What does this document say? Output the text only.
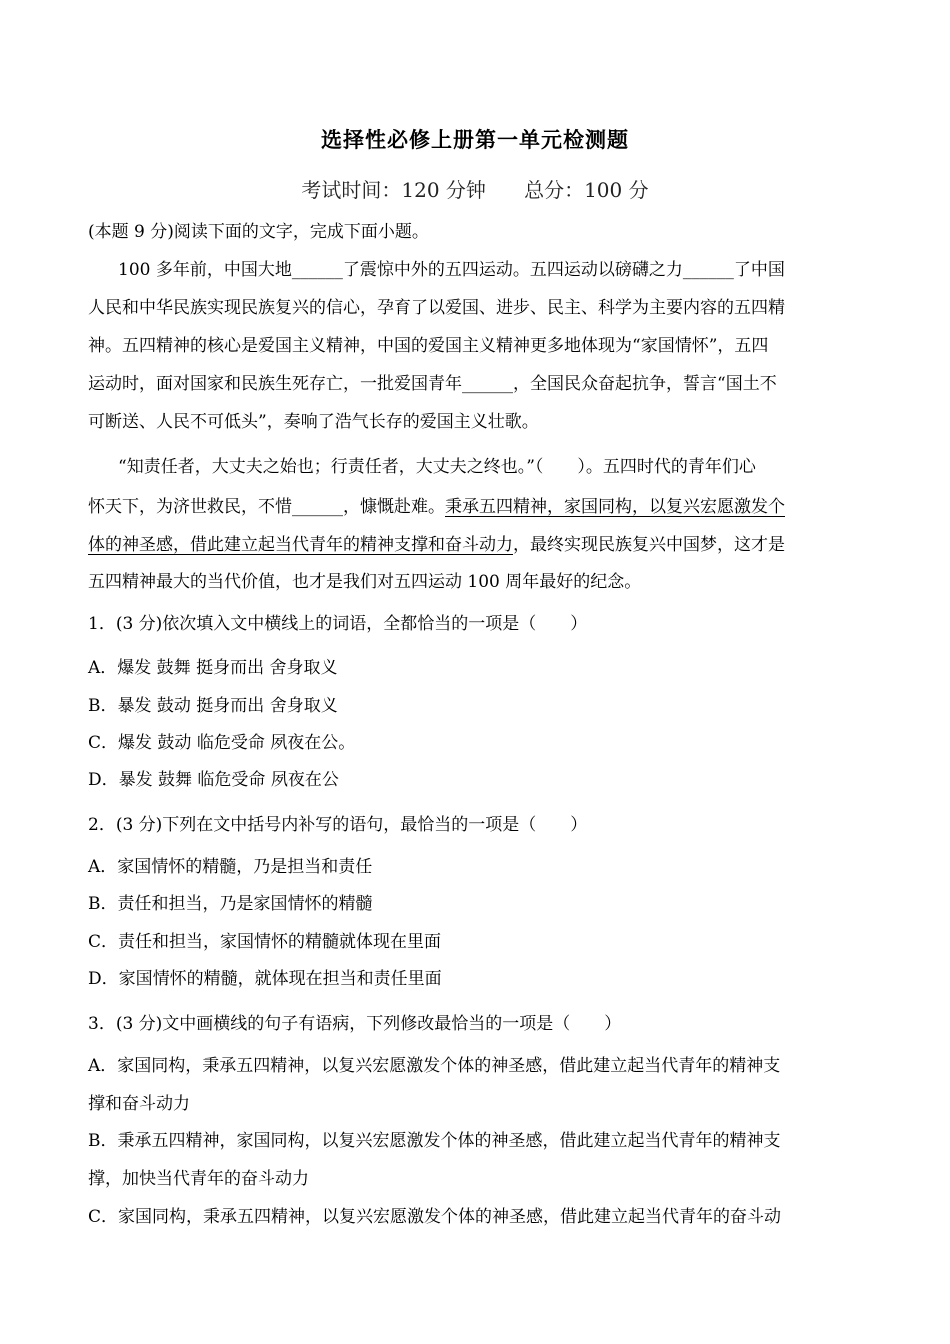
选择性必修上册第一单元检测题
考试时间：120 分钟 总分：100 分
(本题 9 分)阅读下面的文字，完成下面小题。
100 多年前，中国大地______了震惊中外的五四运动。五四运动以磅礴之力______了中国
人民和中华民族实现民族复兴的信心，孕育了以爱国、进步、民主、科学为主要内容的五四精
神。五四精神的核心是爱国主义精神，中国的爱国主义精神更多地体现为“家国情怀”，五四
运动时，面对国家和民族生死存亡，一批爱国青年______，全国民众奋起抗争，誓言“国土不
可断送、人民不可低头”，奏响了浩气长存的爱国主义壮歌。
“知责任者，大丈夫之始也；行责任者，大丈夫之终也。”（　　）。五四时代的青年们心
怀天下，为济世救民，不惜______，慷慨赴难。秉承五四精神，家国同构，以复兴宏愿激发个
体的神圣感，借此建立起当代青年的精神支撑和奋斗动力，最终实现民族复兴中国梦，这才是
五四精神最大的当代价值，也才是我们对五四运动 100 周年最好的纪念。
1．(3 分)依次填入文中横线上的词语，全都恰当的一项是（　　）
A．爆发 鼓舞 挺身而出 舍身取义
B．暴发 鼓动 挺身而出 舍身取义
C．爆发 鼓动 临危受命 夙夜在公。
D．暴发 鼓舞 临危受命 夙夜在公
2．(3 分)下列在文中括号内补写的语句，最恰当的一项是（　　）
A．家国情怀的精髓，乃是担当和责任
B．责任和担当，乃是家国情怀的精髓
C．责任和担当，家国情怀的精髓就体现在里面
D．家国情怀的精髓，就体现在担当和责任里面
3．(3 分)文中画横线的句子有语病，下列修改最恰当的一项是（　　）
A．家国同构，秉承五四精神，以复兴宏愿激发个体的神圣感，借此建立起当代青年的精神支
撑和奋斗动力
B．秉承五四精神，家国同构，以复兴宏愿激发个体的神圣感，借此建立起当代青年的精神支
撑，加快当代青年的奋斗动力
C．家国同构，秉承五四精神，以复兴宏愿激发个体的神圣感，借此建立起当代青年的奋斗动
